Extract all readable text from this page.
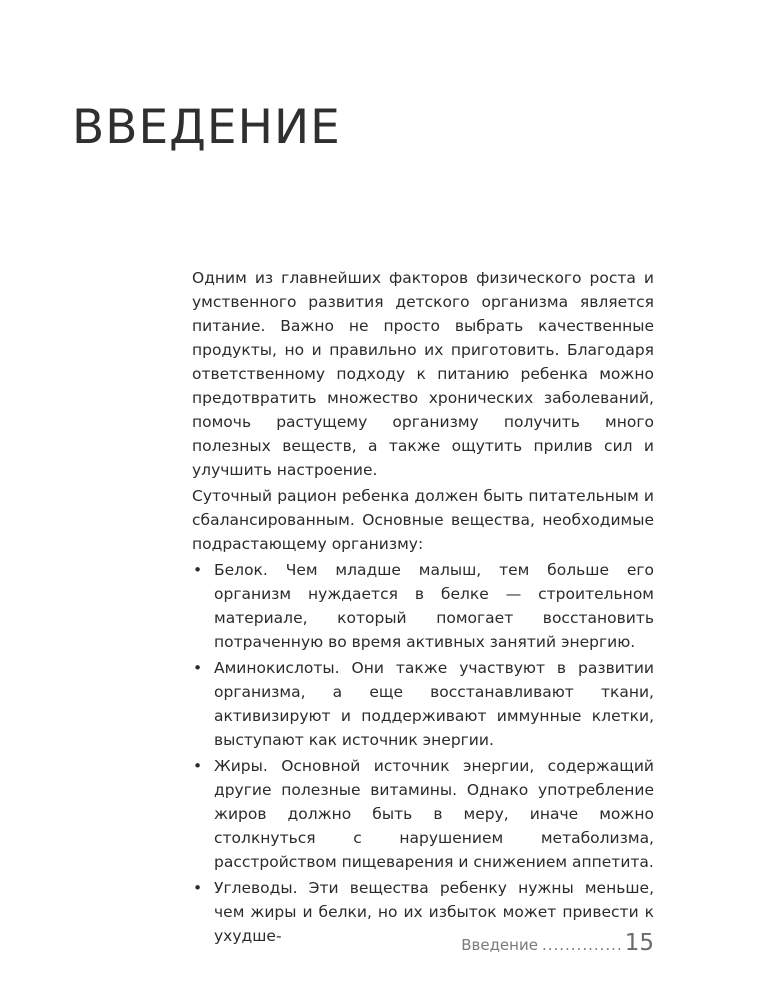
ВВЕДЕНИЕ

Одним из главнейших факторов физического роста и умственного развития детского организма является питание. Важно не просто выбрать качественные продукты, но и правильно их приготовить. Благодаря ответственному подходу к питанию ребенка можно предотвратить множество хронических заболеваний, помочь растущему организму получить много полезных веществ, а также ощутить прилив сил и улучшить настроение.

Суточный рацион ребенка должен быть питательным и сбалансированным. Основные вещества, необходимые подрастающему организму:

• Белок. Чем младше малыш, тем больше его организм нуждается в белке — строительном материале, который помогает восстановить потраченную во время активных занятий энергию.
• Аминокислоты. Они также участвуют в развитии организма, а еще восстанавливают ткани, активизируют и поддерживают иммунные клетки, выступают как источник энергии.
• Жиры. Основной источник энергии, содержащий другие полезные витамины. Однако употребление жиров должно быть в меру, иначе можно столкнуться с нарушением метаболизма, расстройством пищеварения и снижением аппетита.
• Углеводы. Эти вещества ребенку нужны меньше, чем жиры и белки, но их избыток может привести к ухудше-	Введение .............. 15
